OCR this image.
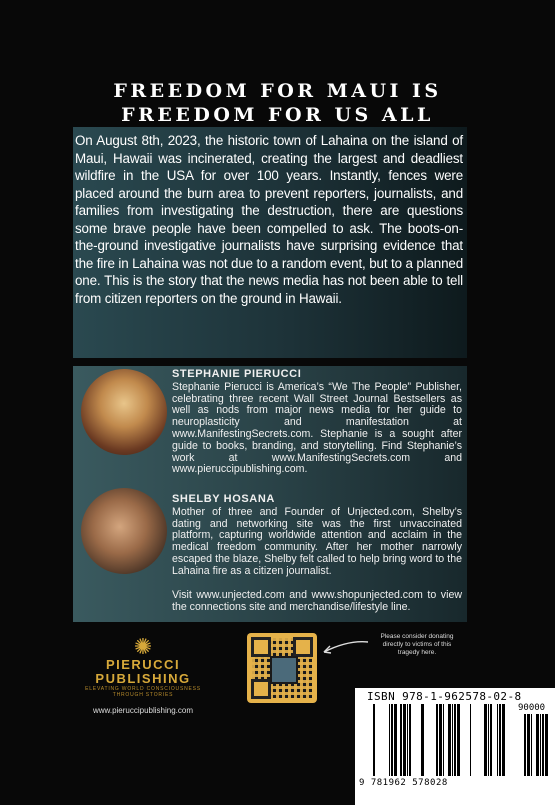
FREEDOM FOR MAUI IS
FREEDOM FOR US ALL
On August 8th, 2023, the historic town of Lahaina on the island of Maui, Hawaii was incinerated, creating the largest and deadliest wildfire in the USA for over 100 years. Instantly, fences were placed around the burn area to prevent reporters, journalists, and families from investigating the destruction, there are questions some brave people have been compelled to ask. The boots-on-the-ground investigative journalists have surprising evidence that the fire in Lahaina was not due to a random event, but to a planned one. This is the story that the news media has not been able to tell from citizen reporters on the ground in Hawaii.
STEPHANIE PIERUCCI
Stephanie Pierucci is America’s “We The People” Publisher, celebrating three recent Wall Street Journal Bestsellers as well as nods from major news media for her guide to neuroplasticity and manifestation at www.ManifestingSecrets.com. Stephanie is a sought after guide to books, branding, and storytelling. Find Stephanie’s work at www.ManifestingSecrets.com and www.pieruccipublishing.com.
SHELBY HOSANA
Mother of three and Founder of Unjected.com, Shelby’s dating and networking site was the first unvaccinated platform, capturing worldwide attention and acclaim in the medical freedom community. After her mother narrowly escaped the blaze, Shelby felt called to help bring word to the Lahaina fire as a citizen journalist.
Visit www.unjected.com and www.shopunjected.com to view the connections site and merchandise/lifestyle line.
✺
PIERUCCI
PUBLISHING
ELEVATING WORLD CONSCIOUSNESS
THROUGH STORIES
www.pieruccipublishing.com
Please consider donating directly to victims of this tragedy here.
ISBN 978-1-962578-02-8
90000
9 781962 578028
